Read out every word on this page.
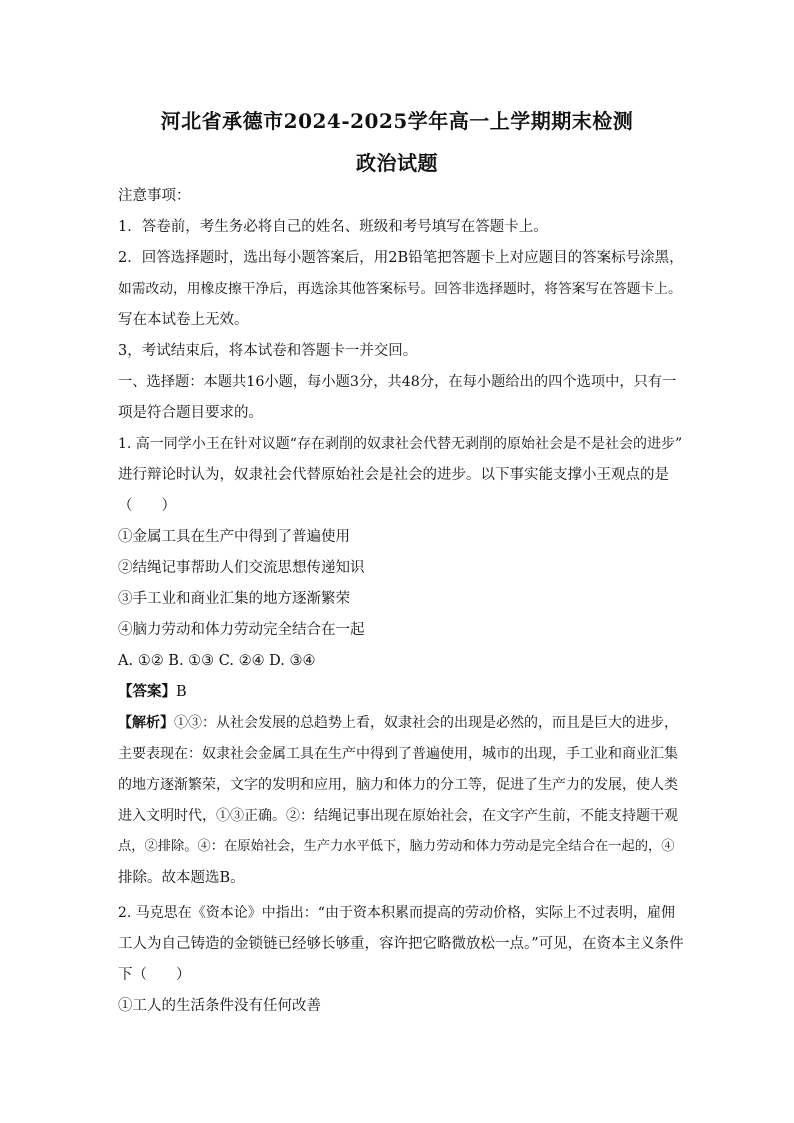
河北省承德市2024-2025学年高一上学期期末检测
政治试题
注意事项：
1．答卷前，考生务必将自己的姓名、班级和考号填写在答题卡上。
2．回答选择题时，选出每小题答案后，用2B铅笔把答题卡上对应题目的答案标号涂黑，
如需改动，用橡皮擦干净后，再选涂其他答案标号。回答非选择题时，将答案写在答题卡上。
写在本试卷上无效。
3，考试结束后，将本试卷和答题卡一并交回。
一、选择题：本题共16小题，每小题3分，共48分，在每小题给出的四个选项中，只有一
项是符合题目要求的。
1. 高一同学小王在针对议题“存在剥削的奴隶社会代替无剥削的原始社会是不是社会的进步”
进行辩论时认为，奴隶社会代替原始社会是社会的进步。以下事实能支撑小王观点的是
（　　）
①金属工具在生产中得到了普遍使用
②结绳记事帮助人们交流思想传递知识
③手工业和商业汇集的地方逐渐繁荣
④脑力劳动和体力劳动完全结合在一起
A. ①② B. ①③ C. ②④ D. ③④
【答案】B
【解析】①③：从社会发展的总趋势上看，奴隶社会的出现是必然的，而且是巨大的进步，
主要表现在：奴隶社会金属工具在生产中得到了普遍使用，城市的出现，手工业和商业汇集
的地方逐渐繁荣，文字的发明和应用，脑力和体力的分工等，促进了生产力的发展，使人类
进入文明时代，①③正确。②：结绳记事出现在原始社会，在文字产生前，不能支持题干观
点，②排除。④：在原始社会，生产力水平低下，脑力劳动和体力劳动是完全结合在一起的，④
排除。故本题选B。
2. 马克思在《资本论》中指出：“由于资本积累而提高的劳动价格，实际上不过表明，雇佣
工人为自己铸造的金锁链已经够长够重，容许把它略微放松一点。”可见，在资本主义条件
下（　　）
①工人的生活条件没有任何改善
